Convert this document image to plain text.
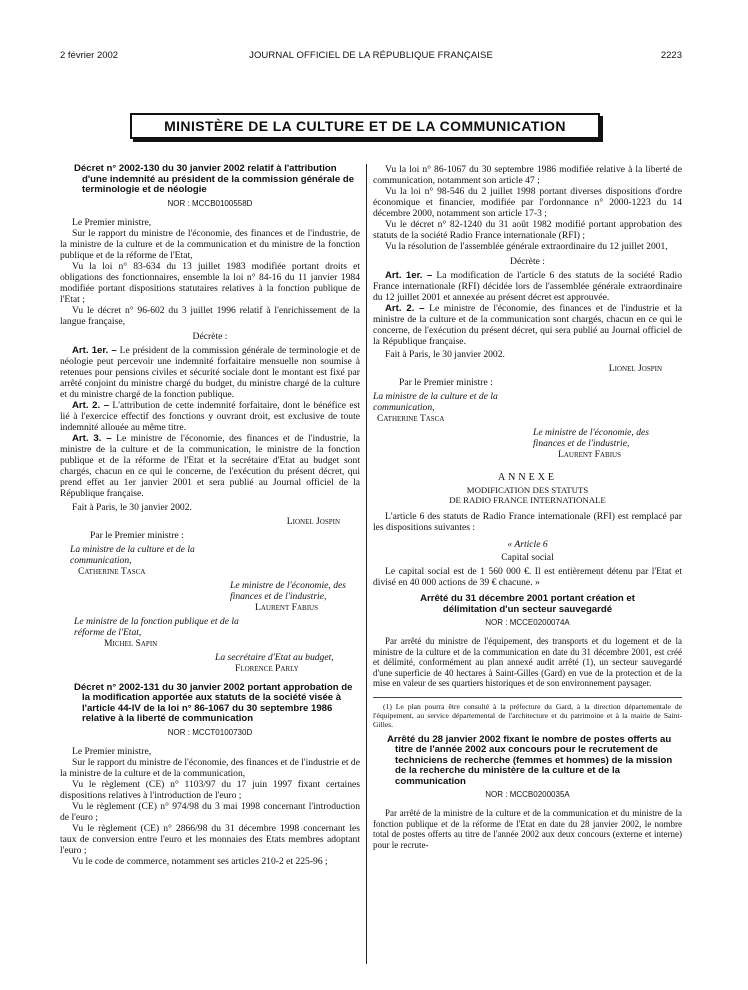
2 février 2002	JOURNAL OFFICIEL DE LA RÉPUBLIQUE FRANÇAISE	2223
MINISTÈRE DE LA CULTURE ET DE LA COMMUNICATION

Décret n° 2002-130 du 30 janvier 2002 relatif à l'attribution d'une indemnité au président de la commission générale de terminologie et de néologie

NOR : MCCB0100558D

Le Premier ministre,

Sur le rapport du ministre de l'économie, des finances et de l'industrie, de la ministre de la culture et de la communication et du ministre de la fonction publique et de la réforme de l'Etat,

Vu la loi n° 83-634 du 13 juillet 1983 modifiée portant droits et obligations des fonctionnaires, ensemble la loi n° 84-16 du 11 janvier 1984 modifiée portant dispositions statutaires relatives à la fonction publique de l'Etat ;

Vu le décret n° 96-602 du 3 juillet 1996 relatif à l'enrichissement de la langue française,

Décrète :

Art. 1er. – Le président de la commission générale de terminologie et de néologie peut percevoir une indemnité forfaitaire mensuelle non soumise à retenues pour pensions civiles et sécurité sociale dont le montant est fixé par arrêté conjoint du ministre chargé du budget, du ministre chargé de la culture et du ministre chargé de la fonction publique.

Art. 2. – L'attribution de cette indemnité forfaitaire, dont le bénéfice est lié à l'exercice effectif des fonctions y ouvrant droit, est exclusive de toute indemnité allouée au même titre.

Art. 3. – Le ministre de l'économie, des finances et de l'industrie, la ministre de la culture et de la communication, le ministre de la fonction publique et de la réforme de l'Etat et la secrétaire d'Etat au budget sont chargés, chacun en ce qui le concerne, de l'exécution du présent décret, qui prend effet au 1er janvier 2001 et sera publié au Journal officiel de la République française.

Fait à Paris, le 30 janvier 2002.

Lionel Jospin
Par le Premier ministre :
La ministre de la culture et de la communication,
Catherine Tasca
Le ministre de l'économie, des finances et de l'industrie,
Laurent Fabius
Le ministre de la fonction publique et de la réforme de l'Etat,
Michel Sapin
La secrétaire d'Etat au budget,
Florence Parly

Décret n° 2002-131 du 30 janvier 2002 portant approbation de la modification apportée aux statuts de la société visée à l'article 44-IV de la loi n° 86-1067 du 30 septembre 1986 relative à la liberté de communication

NOR : MCCT0100730D

Le Premier ministre,

Sur le rapport du ministre de l'économie, des finances et de l'industrie et de la ministre de la culture et de la communication,

Vu le règlement (CE) n° 1103/97 du 17 juin 1997 fixant certaines dispositions relatives à l'introduction de l'euro ;

Vu le règlement (CE) n° 974/98 du 3 mai 1998 concernant l'introduction de l'euro ;

Vu le règlement (CE) n° 2866/98 du 31 décembre 1998 concernant les taux de conversion entre l'euro et les monnaies des Etats membres adoptant l'euro ;

Vu le code de commerce, notamment ses articles 210-2 et 225-96 ;

Vu la loi n° 86-1067 du 30 septembre 1986 modifiée relative à la liberté de communication, notamment son article 47 ;

Vu la loi n° 98-546 du 2 juillet 1998 portant diverses dispositions d'ordre économique et financier, modifiée par l'ordonnance n° 2000-1223 du 14 décembre 2000, notamment son article 17-3 ;

Vu le décret n° 82-1240 du 31 août 1982 modifié portant approbation des statuts de la société Radio France internationale (RFI) ;

Vu la résolution de l'assemblée générale extraordinaire du 12 juillet 2001,

Décrète :

Art. 1er. – La modification de l'article 6 des statuts de la société Radio France internationale (RFI) décidée lors de l'assemblée générale extraordinaire du 12 juillet 2001 et annexée au présent décret est approuvée.

Art. 2. – Le ministre de l'économie, des finances et de l'industrie et la ministre de la culture et de la communication sont chargés, chacun en ce qui le concerne, de l'exécution du présent décret, qui sera publié au Journal officiel de la République française.

Fait à Paris, le 30 janvier 2002.

Lionel Jospin
Par le Premier ministre :
La ministre de la culture et de la communication,
Catherine Tasca
Le ministre de l'économie, des finances et de l'industrie,
Laurent Fabius
ANNEXE
MODIFICATION DES STATUTS
DE RADIO FRANCE INTERNATIONALE

L'article 6 des statuts de Radio France internationale (RFI) est remplacé par les dispositions suivantes :

« Article 6
Capital social

Le capital social est de 1 560 000 €. Il est entièrement détenu par l'Etat et divisé en 40 000 actions de 39 € chacune. »

Arrêté du 31 décembre 2001 portant création et délimitation d'un secteur sauvegardé

NOR : MCCE0200074A

Par arrêté du ministre de l'équipement, des transports et du logement et de la ministre de la culture et de la communication en date du 31 décembre 2001, est créé et délimité, conformément au plan annexé audit arrêté (1), un secteur sauvegardé d'une superficie de 40 hectares à Saint-Gilles (Gard) en vue de la protection et de la mise en valeur de ses quartiers historiques et de son environnement paysager.

(1) Le plan pourra être consulté à la préfecture du Gard, à la direction départementale de l'équipement, au service départemental de l'architecture et du patrimoine et à la mairie de Saint-Gilles.

Arrêté du 28 janvier 2002 fixant le nombre de postes offerts au titre de l'année 2002 aux concours pour le recrutement de techniciens de recherche (femmes et hommes) de la mission de la recherche du ministère de la culture et de la communication

NOR : MCCB0200035A

Par arrêté de la ministre de la culture et de la communication et du ministre de la fonction publique et de la réforme de l'Etat en date du 28 janvier 2002, le nombre total de postes offerts au titre de l'année 2002 aux deux concours (externe et interne) pour le recrute-
